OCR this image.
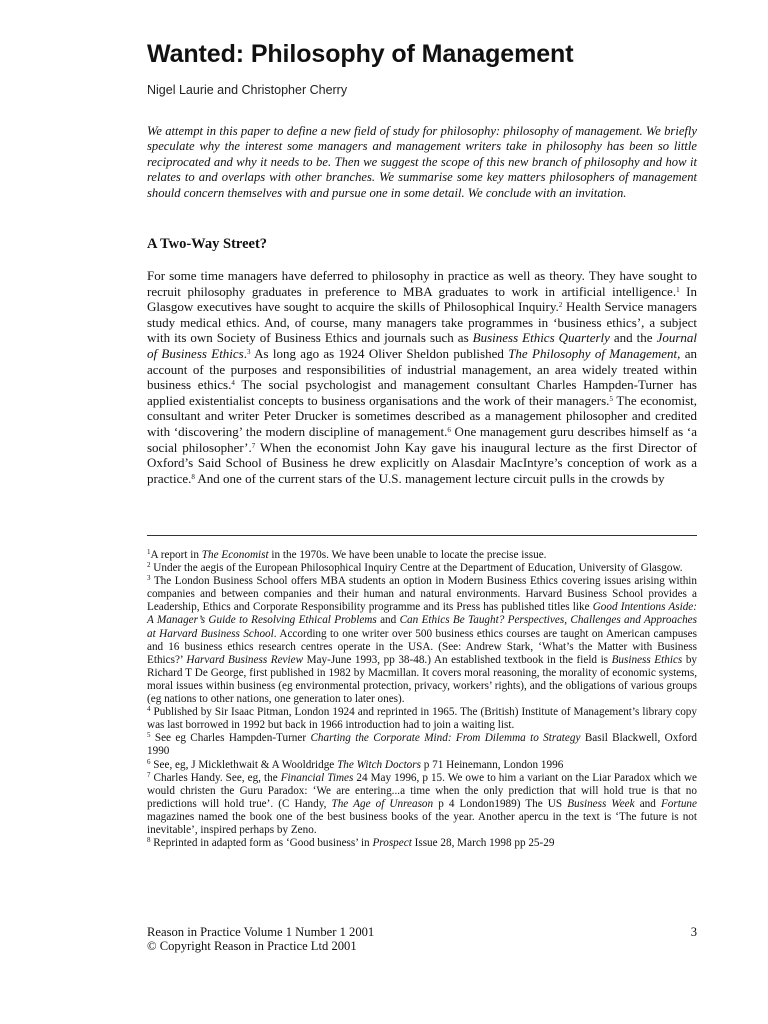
Wanted: Philosophy of Management
Nigel Laurie and Christopher Cherry

We attempt in this paper to define a new field of study for philosophy: philosophy of management. We briefly speculate why the interest some managers and management writers take in philosophy has been so little reciprocated and why it needs to be. Then we suggest the scope of this new branch of philosophy and how it relates to and overlaps with other branches. We summarise some key matters philosophers of management should concern themselves with and pursue one in some detail. We conclude with an invitation.

A Two-Way Street?

For some time managers have deferred to philosophy in practice as well as theory. They have sought to recruit philosophy graduates in preference to MBA graduates to work in artificial intelligence.$^1$ In Glasgow executives have sought to acquire the skills of Philosophical Inquiry.$^2$ Health Service managers study medical ethics. And, of course, many managers take programmes in ‘business ethics’, a subject with its own Society of Business Ethics and journals such as Business Ethics Quarterly and the Journal of Business Ethics.$^3$ As long ago as 1924 Oliver Sheldon published The Philosophy of Management, an account of the purposes and responsibilities of industrial management, an area widely treated within business ethics.$^4$ The social psychologist and management consultant Charles Hampden-Turner has applied existentialist concepts to business organisations and the work of their managers.$^5$ The economist, consultant and writer Peter Drucker is sometimes described as a management philosopher and credited with ‘discovering’ the modern discipline of management.$^6$ One management guru describes himself as ‘a social philosopher’.$^7$ When the economist John Kay gave his inaugural lecture as the first Director of Oxford’s Said School of Business he drew explicitly on Alasdair MacIntyre’s conception of work as a practice.$^8$ And one of the current stars of the U.S. management lecture circuit pulls in the crowds by

$^1$A report in The Economist in the 1970s. We have been unable to locate the precise issue.

$^2$ Under the aegis of the European Philosophical Inquiry Centre at the Department of Education, University of Glasgow.

$^3$ The London Business School offers MBA students an option in Modern Business Ethics covering issues arising within companies and between companies and their human and natural environments. Harvard Business School provides a Leadership, Ethics and Corporate Responsibility programme and its Press has published titles like Good Intentions Aside: A Manager’s Guide to Resolving Ethical Problems and Can Ethics Be Taught? Perspectives, Challenges and Approaches at Harvard Business School. According to one writer over 500 business ethics courses are taught on American campuses and 16 business ethics research centres operate in the USA. (See: Andrew Stark, ‘What’s the Matter with Business Ethics?’ Harvard Business Review May-June 1993, pp 38-48.) An established textbook in the field is Business Ethics by Richard T De George, first published in 1982 by Macmillan. It covers moral reasoning, the morality of economic systems, moral issues within business (eg environmental protection, privacy, workers’ rights), and the obligations of various groups (eg nations to other nations, one generation to later ones).

$^4$ Published by Sir Isaac Pitman, London 1924 and reprinted in 1965. The (British) Institute of Management’s library copy was last borrowed in 1992 but back in 1966 introduction had to join a waiting list.

$^5$ See eg Charles Hampden-Turner Charting the Corporate Mind: From Dilemma to Strategy Basil Blackwell, Oxford 1990

$^6$ See, eg, J Micklethwait & A Wooldridge The Witch Doctors p 71 Heinemann, London 1996

$^7$ Charles Handy. See, eg, the Financial Times 24 May 1996, p 15. We owe to him a variant on the Liar Paradox which we would christen the Guru Paradox: ‘We are entering...a time when the only prediction that will hold true is that no predictions will hold true’. (C Handy, The Age of Unreason p 4 London1989) The US Business Week and Fortune magazines named the book one of the best business books of the year. Another apercu in the text is ‘The future is not inevitable’, inspired perhaps by Zeno.

$^8$ Reprinted in adapted form as ‘Good business’ in Prospect Issue 28, March 1998 pp 25-29

Reason in Practice Volume 1 Number 1 2001
© Copyright Reason in Practice Ltd 2001
3
